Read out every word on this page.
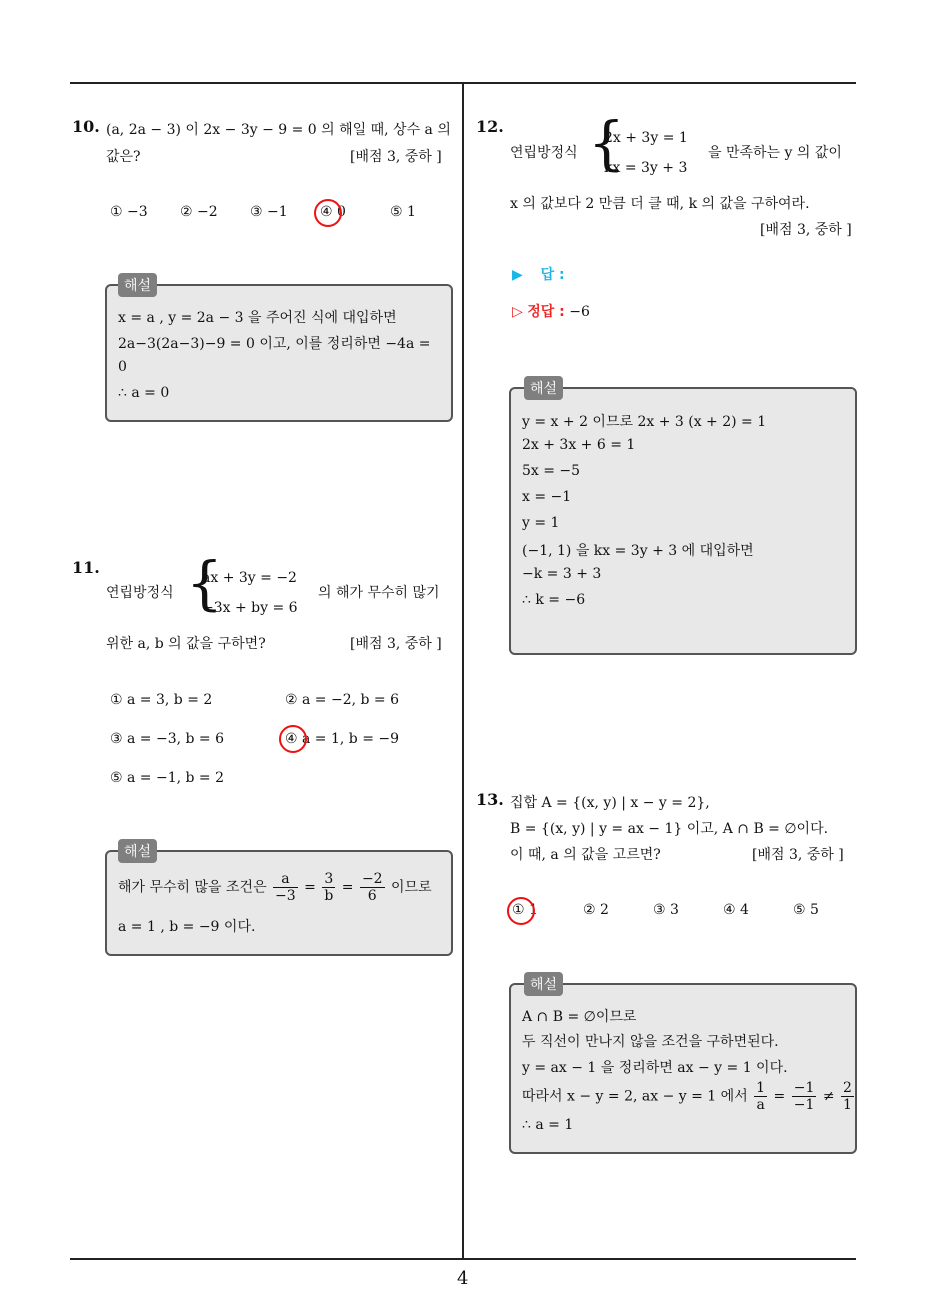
4
10. (a, 2a − 3) 이 2x − 3y − 9 = 0 의 해일 때, 상수 a 의
값은?	[배점 3, 중하 ]
① −3 ② −2 ③ −1 ④ 0	⑤ 1
해설
x = a , y = 2a − 3 을 주어진 식에 대입하면
2a−3(2a−3)−9 = 0 이고, 이를 정리하면 −4a =
0
∴ a = 0
11.
연립방정식 {
ax + 3y = −2
−3x + by = 6
의 해가 무수히 많기
위한 a, b 의 값을 구하면?	[배점 3, 중하 ]
① a = 3, b = 2	② a = −2, b = 6
③ a = −3, b = 6	④ a = 1, b = −9
⑤ a = −1, b = 2
해설
해가 무수히 많을 조건은 $\frac{a}{-3} = \frac{3}{b} = \frac{-2}{6}$ 이므로
a = 1 , b = −9 이다.
12.
연립방정식 {
2x + 3y = 1
kx = 3y + 3
을 만족하는 y 의 값이
x 의 값보다 2 만큼 더 클 때, k 의 값을 구하여라.
[배점 3, 중하 ]
▶ 답 :
▷ 정답 : −6
해설
y = x + 2 이므로 2x + 3 (x + 2) = 1
2x + 3x + 6 = 1
5x = −5
x = −1
y = 1
(−1, 1) 을 kx = 3y + 3 에 대입하면
−k = 3 + 3
∴ k = −6
13. 집합 A = {(x, y) | x − y = 2},
B = {(x, y) | y = ax − 1} 이고, A ∩ B = ∅이다.
이 때, a 의 값을 고르면?	[배점 3, 중하 ]
① 1	② 2	③ 3	④ 4	⑤ 5
해설
A ∩ B = ∅이므로
두 직선이 만나지 않을 조건을 구하면된다.
y = ax − 1 을 정리하면 ax − y = 1 이다.
따라서 x − y = 2, ax − y = 1 에서 $\frac{1}{a} = \frac{-1}{-1} \ne \frac{2}{1}$
∴ a = 1
